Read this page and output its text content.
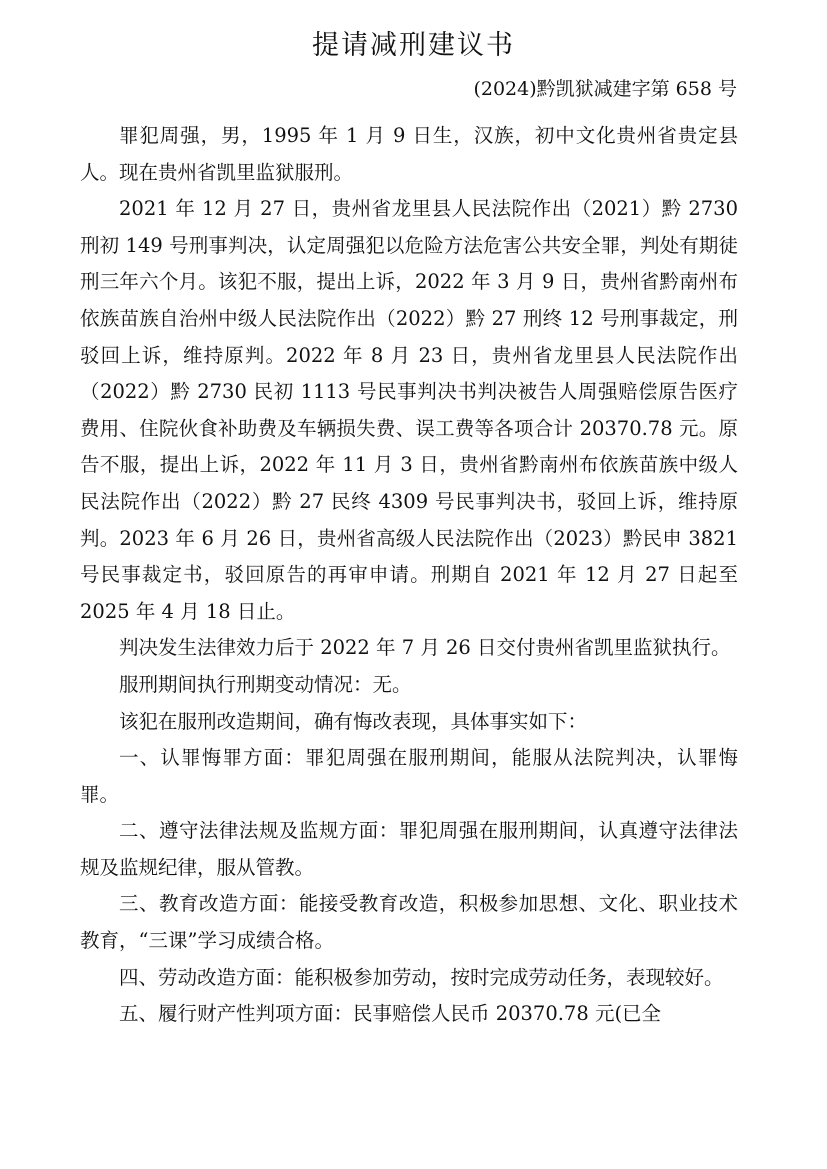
提请减刑建议书
(2024)黔凯狱减建字第 658 号

罪犯周强，男，1995 年 1 月 9 日生，汉族，初中文化贵州省贵定县人。现在贵州省凯里监狱服刑。

2021 年 12 月 27 日，贵州省龙里县人民法院作出（2021）黔 2730 刑初 149 号刑事判决，认定周强犯以危险方法危害公共安全罪，判处有期徒刑三年六个月。该犯不服，提出上诉，2022 年 3 月 9 日，贵州省黔南州布依族苗族自治州中级人民法院作出（2022）黔 27 刑终 12 号刑事裁定，刑驳回上诉，维持原判。2022 年 8 月 23 日，贵州省龙里县人民法院作出（2022）黔 2730 民初 1113 号民事判决书判决被告人周强赔偿原告医疗费用、住院伙食补助费及车辆损失费、误工费等各项合计 20370.78 元。原告不服，提出上诉，2022 年 11 月 3 日，贵州省黔南州布依族苗族中级人民法院作出（2022）黔 27 民终 4309 号民事判决书，驳回上诉，维持原判。2023 年 6 月 26 日，贵州省高级人民法院作出（2023）黔民申 3821 号民事裁定书，驳回原告的再审申请。刑期自 2021 年 12 月 27 日起至 2025 年 4 月 18 日止。

判决发生法律效力后于 2022 年 7 月 26 日交付贵州省凯里监狱执行。

服刑期间执行刑期变动情况：无。

该犯在服刑改造期间，确有悔改表现，具体事实如下：

一、认罪悔罪方面：罪犯周强在服刑期间，能服从法院判决，认罪悔罪。

二、遵守法律法规及监规方面：罪犯周强在服刑期间，认真遵守法律法规及监规纪律，服从管教。

三、教育改造方面：能接受教育改造，积极参加思想、文化、职业技术教育，“三课”学习成绩合格。

四、劳动改造方面：能积极参加劳动，按时完成劳动任务，表现较好。

五、履行财产性判项方面：民事赔偿人民币 20370.78 元(已全
